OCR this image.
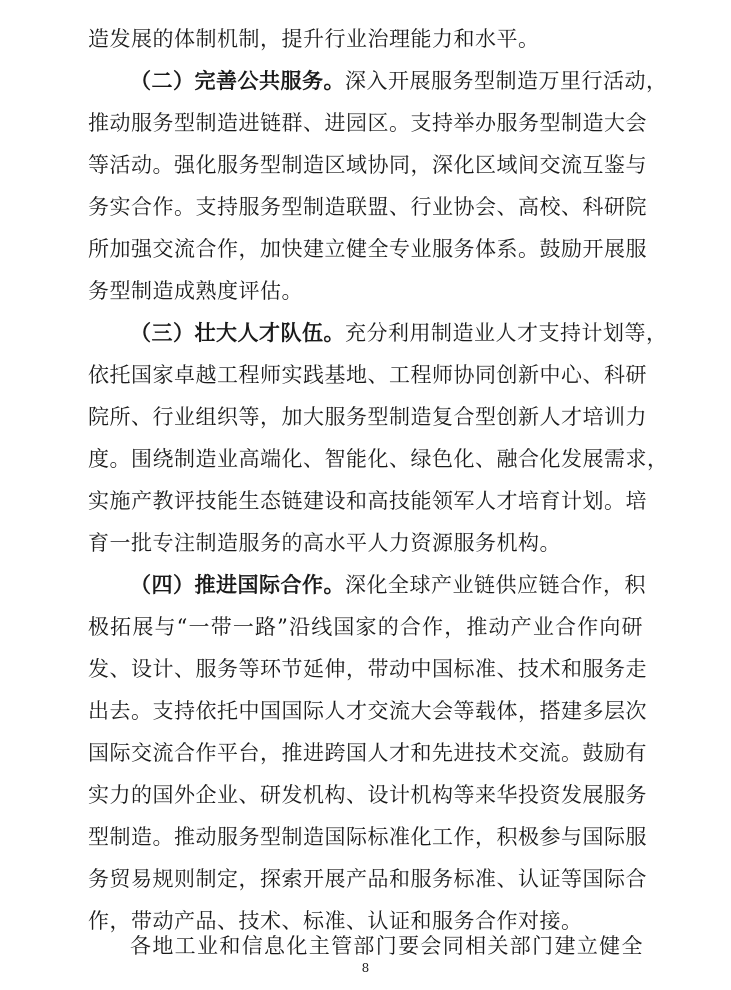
造发展的体制机制，提升行业治理能力和水平。
（二）完善公共服务。深入开展服务型制造万里行活动，
推动服务型制造进链群、进园区。支持举办服务型制造大会
等活动。强化服务型制造区域协同，深化区域间交流互鉴与
务实合作。支持服务型制造联盟、行业协会、高校、科研院
所加强交流合作，加快建立健全专业服务体系。鼓励开展服
务型制造成熟度评估。
（三）壮大人才队伍。充分利用制造业人才支持计划等，
依托国家卓越工程师实践基地、工程师协同创新中心、科研
院所、行业组织等，加大服务型制造复合型创新人才培训力
度。围绕制造业高端化、智能化、绿色化、融合化发展需求，
实施产教评技能生态链建设和高技能领军人才培育计划。培
育一批专注制造服务的高水平人力资源服务机构。
（四）推进国际合作。深化全球产业链供应链合作，积
极拓展与“一带一路”沿线国家的合作，推动产业合作向研
发、设计、服务等环节延伸，带动中国标准、技术和服务走
出去。支持依托中国国际人才交流大会等载体，搭建多层次
国际交流合作平台，推进跨国人才和先进技术交流。鼓励有
实力的国外企业、研发机构、设计机构等来华投资发展服务
型制造。推动服务型制造国际标准化工作，积极参与国际服
务贸易规则制定，探索开展产品和服务标准、认证等国际合
作，带动产品、技术、标准、认证和服务合作对接。
8
各地工业和信息化主管部门要会同相关部门建立健全
